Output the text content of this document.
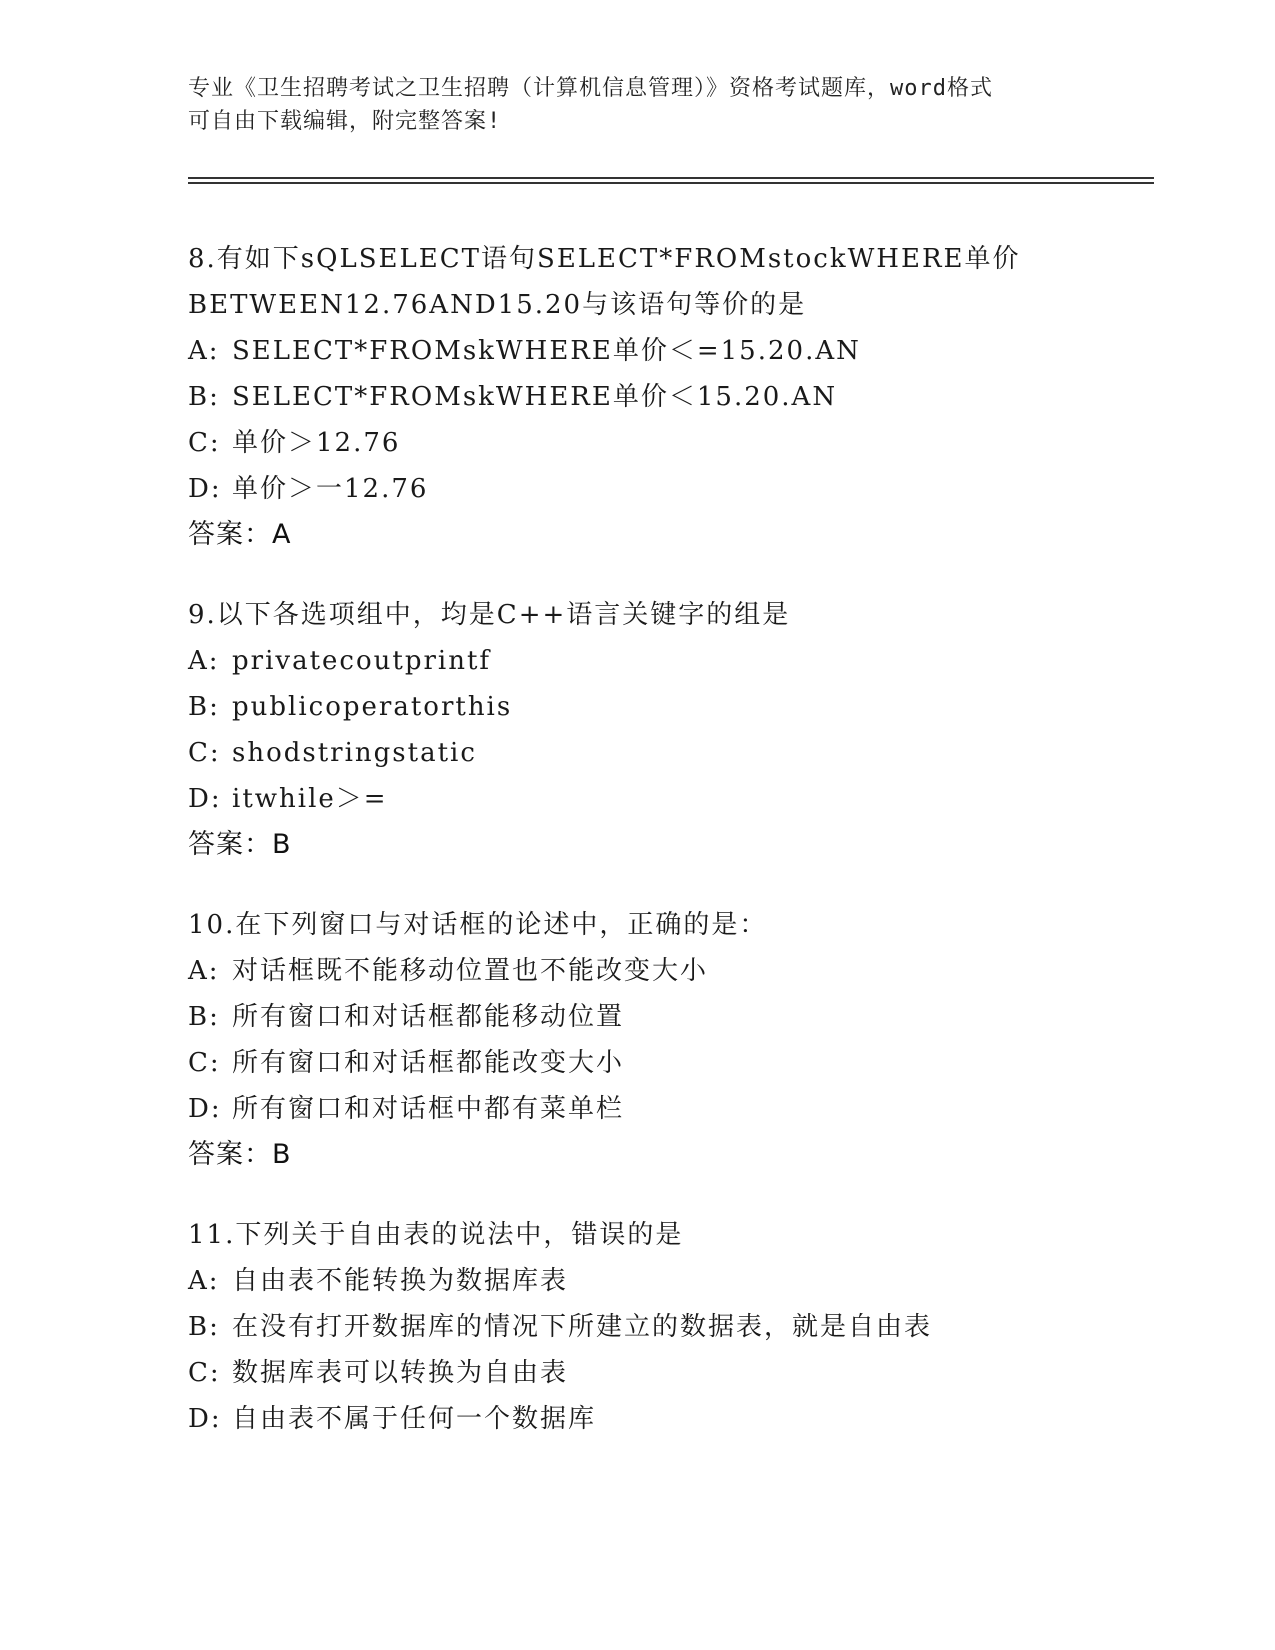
专业《卫生招聘考试之卫生招聘（计算机信息管理）》资格考试题库，word格式
可自由下载编辑，附完整答案!
8.有如下sQLSELECT语句SELECT*FROMstockWHERE单价
BETWEEN12.76AND15.20与该语句等价的是
A: SELECT*FROMskWHERE单价＜=15.20.AN
B: SELECT*FROMskWHERE单价＜15.20.AN
C: 单价＞12.76
D: 单价＞一12.76
答案：A
9.以下各选项组中，均是C++语言关键字的组是
A: privatecoutprintf
B: publicoperatorthis
C: shodstringstatic
D: itwhile＞=
答案：B
10.在下列窗口与对话框的论述中，正确的是：
A: 对话框既不能移动位置也不能改变大小
B: 所有窗口和对话框都能移动位置
C: 所有窗口和对话框都能改变大小
D: 所有窗口和对话框中都有菜单栏
答案：B
11.下列关于自由表的说法中，错误的是
A: 自由表不能转换为数据库表
B: 在没有打开数据库的情况下所建立的数据表，就是自由表
C: 数据库表可以转换为自由表
D: 自由表不属于任何一个数据库
